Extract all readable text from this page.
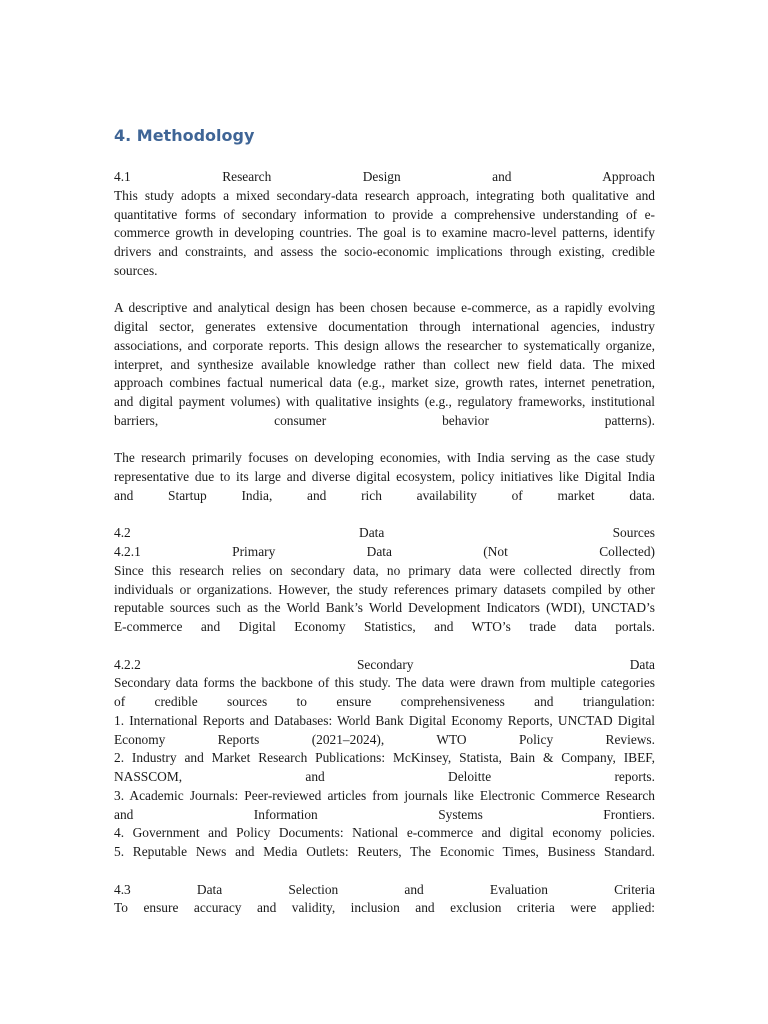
4. Methodology
4.1 Research Design and Approach
This study adopts a mixed secondary-data research approach, integrating both qualitative and
quantitative forms of secondary information to provide a comprehensive understanding of e-
commerce growth in developing countries. The goal is to examine macro-level patterns, identify
drivers and constraints, and assess the socio-economic implications through existing, credible
sources.
A descriptive and analytical design has been chosen because e-commerce, as a rapidly evolving
digital sector, generates extensive documentation through international agencies, industry
associations, and corporate reports. This design allows the researcher to systematically organize,
interpret, and synthesize available knowledge rather than collect new field data. The mixed
approach combines factual numerical data (e.g., market size, growth rates, internet penetration,
and digital payment volumes) with qualitative insights (e.g., regulatory frameworks, institutional
barriers, consumer behavior patterns).
The research primarily focuses on developing economies, with India serving as the case study
representative due to its large and diverse digital ecosystem, policy initiatives like Digital India
and Startup India, and rich availability of market data.
4.2 Data Sources
4.2.1 Primary Data (Not Collected)
Since this research relies on secondary data, no primary data were collected directly from
individuals or organizations. However, the study references primary datasets compiled by other
reputable sources such as the World Bank’s World Development Indicators (WDI), UNCTAD’s
E-commerce and Digital Economy Statistics, and WTO’s trade data portals.
4.2.2 Secondary Data
Secondary data forms the backbone of this study. The data were drawn from multiple categories
of credible sources to ensure comprehensiveness and triangulation:
1. International Reports and Databases: World Bank Digital Economy Reports, UNCTAD Digital
Economy Reports (2021–2024), WTO Policy Reviews.
2. Industry and Market Research Publications: McKinsey, Statista, Bain & Company, IBEF,
NASSCOM, and Deloitte reports.
3. Academic Journals: Peer-reviewed articles from journals like Electronic Commerce Research
and Information Systems Frontiers.
4. Government and Policy Documents: National e-commerce and digital economy policies.
5. Reputable News and Media Outlets: Reuters, The Economic Times, Business Standard.
4.3 Data Selection and Evaluation Criteria
To ensure accuracy and validity, inclusion and exclusion criteria were applied:
